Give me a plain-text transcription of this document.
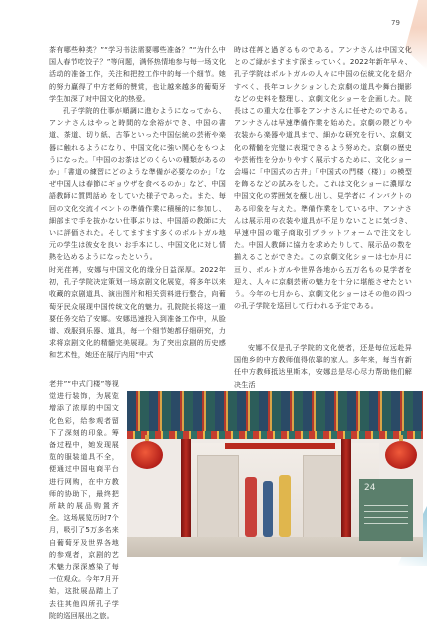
79

茶有哪些种类？”“学习书法需要哪些准备？”“为什么中国人春节吃饺子？”等问题，满怀热情地参与每一场文化活动的准备工作，关注和把控工作中的每一个细节。她的努力赢得了中方老师的赞赏，也让越来越多的葡萄牙学生加深了对中国文化的热爱。

孔子学院的仕事が順調に進むようになってから、アンナさんはやっと時間的な余裕ができ、中国の書道、茶道、切り紙、古筝といった中国伝統の芸術や楽器に触れるようになり、中国文化に強い関心をもつようになった。「中国のお茶はどのくらいの種類があるのか」「書道の練習にどのような準備が必要なのか」「なぜ中国人は春節にギョウザを食べるのか」など、中国語教師に質問話め をしていた様子であった。また、毎回の文化交流イベントの準備作業に積極的に参加し、細部まで手を抜かない仕事ぶりは、中国語の教師に大いに評価された。そしてますます多くのポルトガル地元の学生は彼女を良い お手本にし、中国文化に対し情熱を込めるようになったという。

时光荏苒，安娜与中国文化的缘分日益深厚。2022年初，孔子学院决定策划一场京剧文化展览，将多年以来收藏的京剧道具、演出图片和相关资料进行整合，向葡萄牙民众展现中国传统文化的魅力。孔院院长将这一重要任务交给了安娜。安娜迅速投入到准备工作中，从脸谱、戏服到乐器、道具，每一个细节她都仔细研究，力求将京剧文化的精髓完美展现。为了突出京剧的历史感和艺术性，她还在展厅内用“中式

老井”“中式门楼”等视觉进行装饰，为展览增添了浓厚的中国文化色彩，给参观者留下了深刻的印象。筹备过程中，她发现展览的服装道具不全，便通过中国电商平台进行网购，在中方教师的协助下，最终把所缺的展品购置齐全。这场展览历时7个月，吸引了5万多名来自葡萄牙及世界各地的参观者，京剧的艺术魅力深深感染了每一位观众。今年7月开始，这批展品踏上了去往其他四所孔子学院的巡回展出之旅。

時は荏苒と過ぎるものである。アンナさんは中国文化とのご縁がますます深まっていく。2022年新年早々、孔子学院はポルトガルの人々に中国の伝統文化を紹介すべく、長年コレクションした京劇の道具や舞台撮影などの史料を整理し、京劇文化ショーを企画した。院長はこの重大な仕事をアンナさんに任せたのである。アンナさんは早速準備作業を始めた。京劇の隈どりや衣装から楽器や道具まで、細かな研究を行い、京劇文化の精髄を完璧に表現できるよう努めた。京劇の歴史や芸術性を分かりやすく展示するために、文化ショー会場に「中国式の古井」「中国式の門楼（楼）」の模型を飾るなどの試みをした。これは文化ショーに濃厚な中国文化の雰囲気を醸し出し、見学者に インパクトのある印象を与えた。準備作業をしている中、アンナさんは展示用の衣装や道具が不足りないことに気づき、早速中国の電子商取引プラットフォームで注文をした。中国人教師に協力を求めたりして、展示品の数を揃えることができた。この京劇文化ショーは七か月に亘り、ポルトガルや世界各地から五万名もの見学者を迎え、人々に京劇芸術の魅力を十分に堪能させたという。今年の七月から、京劇文化ショーはその他の四つの孔子学院を巡回して行われる予定である。

安娜不仅是孔子学院的文化使者，还是每位远赴异国他乡的中方教师值得依靠的家人。多年来，每当有新任中方教师抵达里斯本，安娜总是尽心尽力帮助他们解决生活

24
